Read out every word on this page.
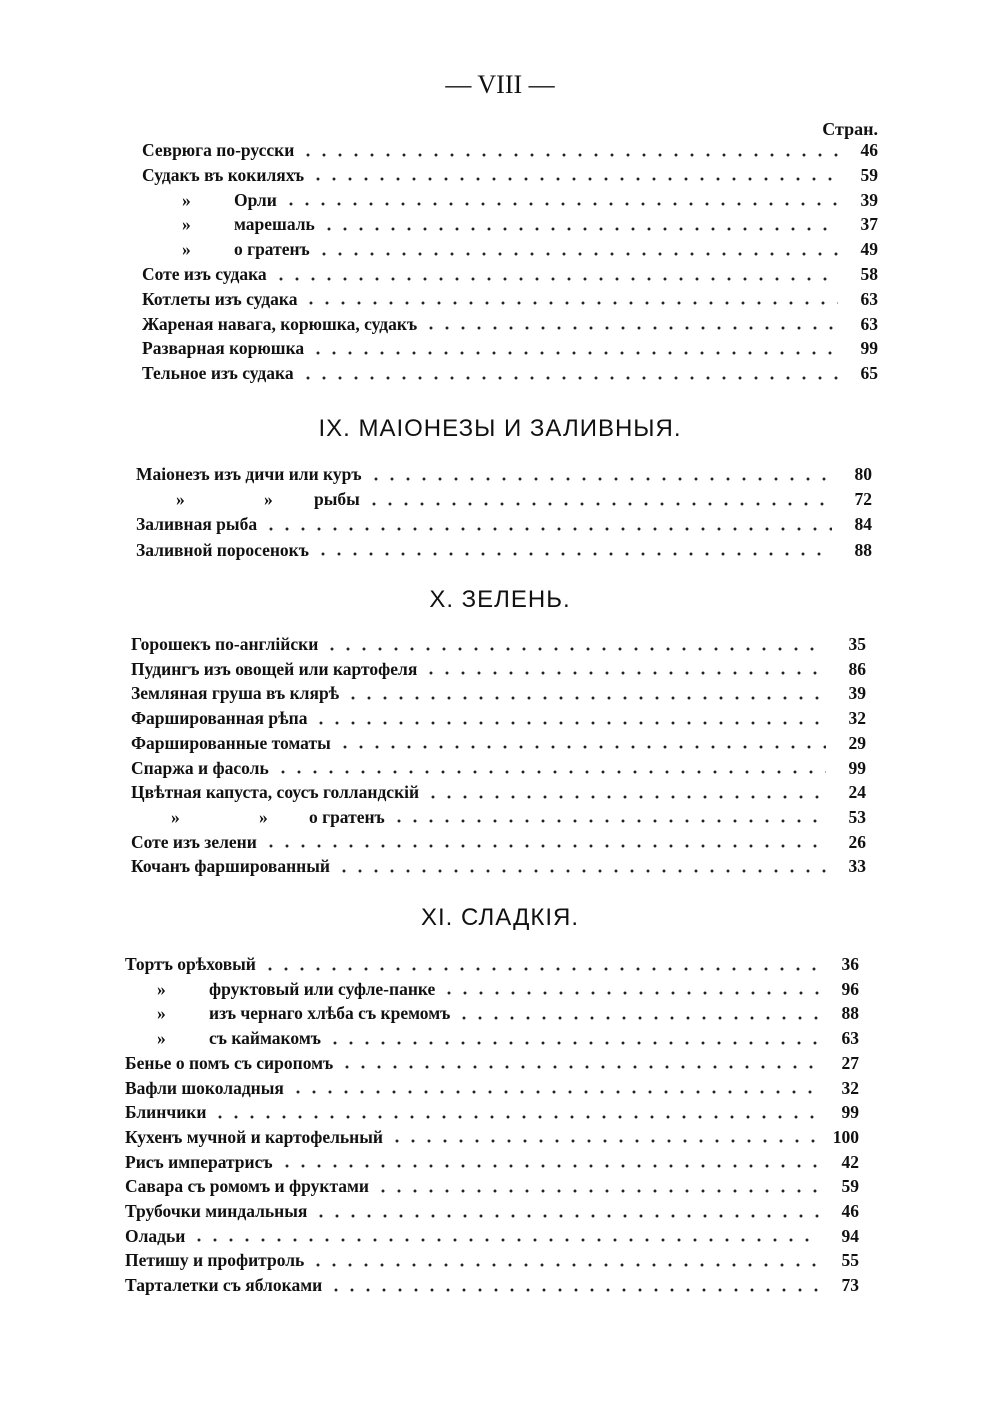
— VIII —
Стран.
Севрюга по-русски	46
Судакъ въ кокиляхъ	59
»	Орли	39
»	марешаль	37
»	о гратенъ	49
Соте изъ судака	58
Котлеты изъ судака	63
Жареная навага, корюшка, судакъ	63
Разварная корюшка	99
Тельное изъ судака	65
IX. МАIОНЕЗЫ И ЗАЛИВНЫЯ.
Маіонезъ изъ дичи или куръ	80
»	»	рыбы	72
Заливная рыба	84
Заливной поросенокъ	88
X. ЗЕЛЕНЬ.
Горошекъ по-англійски	35
Пудингъ изъ овощей или картофеля	86
Земляная груша въ клярѣ	39
Фаршированная рѣпа	32
Фаршированные томаты	29
Спаржа и фасоль	99
Цвѣтная капуста, соусъ голландскій	24
»	»	о гратенъ	53
Соте изъ зелени	26
Кочанъ фаршированный	33
XI. СЛАДКIЯ.
Тортъ орѣховый	36
»	фруктовый или суфле-панке	96
»	изъ чернаго хлѣба съ кремомъ	88
»	съ каймакомъ	63
Бенье о помъ съ сиропомъ	27
Вафли шоколадныя	32
Блинчики	99
Кухенъ мучной и картофельный	100
Рисъ императрисъ	42
Савара съ ромомъ и фруктами	59
Трубочки миндальныя	46
Оладьи	94
Петишу и профитроль	55
Тарталетки съ яблоками	73
